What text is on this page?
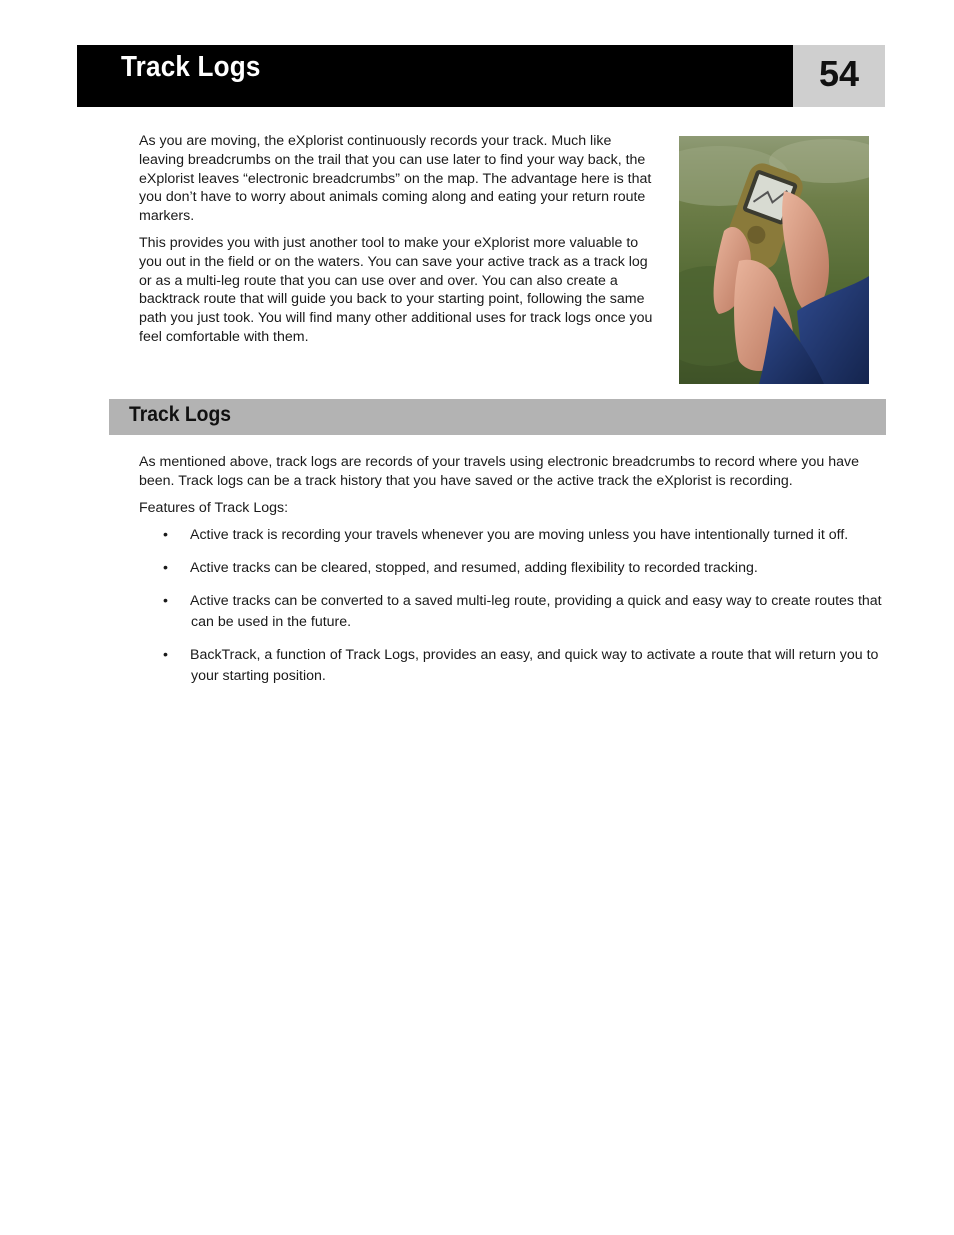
Track Logs	54

As you are moving, the eXplorist continuously records your track. Much like leaving breadcrumbs on the trail that you can use later to find your way back, the eXplorist leaves “electronic breadcrumbs” on the map. The advantage here is that you don’t have to worry about animals coming along and eating your return route markers.

This provides you with just another tool to make your eXplorist more valuable to you out in the field or on the waters. You can save your active track as a track log or as a multi-leg route that you can use over and over. You can also create a backtrack route that will guide you back to your starting point, following the same path you just took. You will find many other additional uses for track logs once you feel comfortable with them.

Track Logs

As mentioned above, track logs are records of your travels using electronic breadcrumbs to record where you have been. Track logs can be a track history that you have saved or the active track the eXplorist is recording.

Features of Track Logs:

• Active track is recording your travels whenever you are moving unless you have intentionally turned it off.
• Active tracks can be cleared, stopped, and resumed, adding flexibility to recorded tracking.
• Active tracks can be converted to a saved multi-leg route, providing a quick and easy way to create routes that can be used in the future.
• BackTrack, a function of Track Logs, provides an easy, and quick way to activate a route that will return you to your starting position.
